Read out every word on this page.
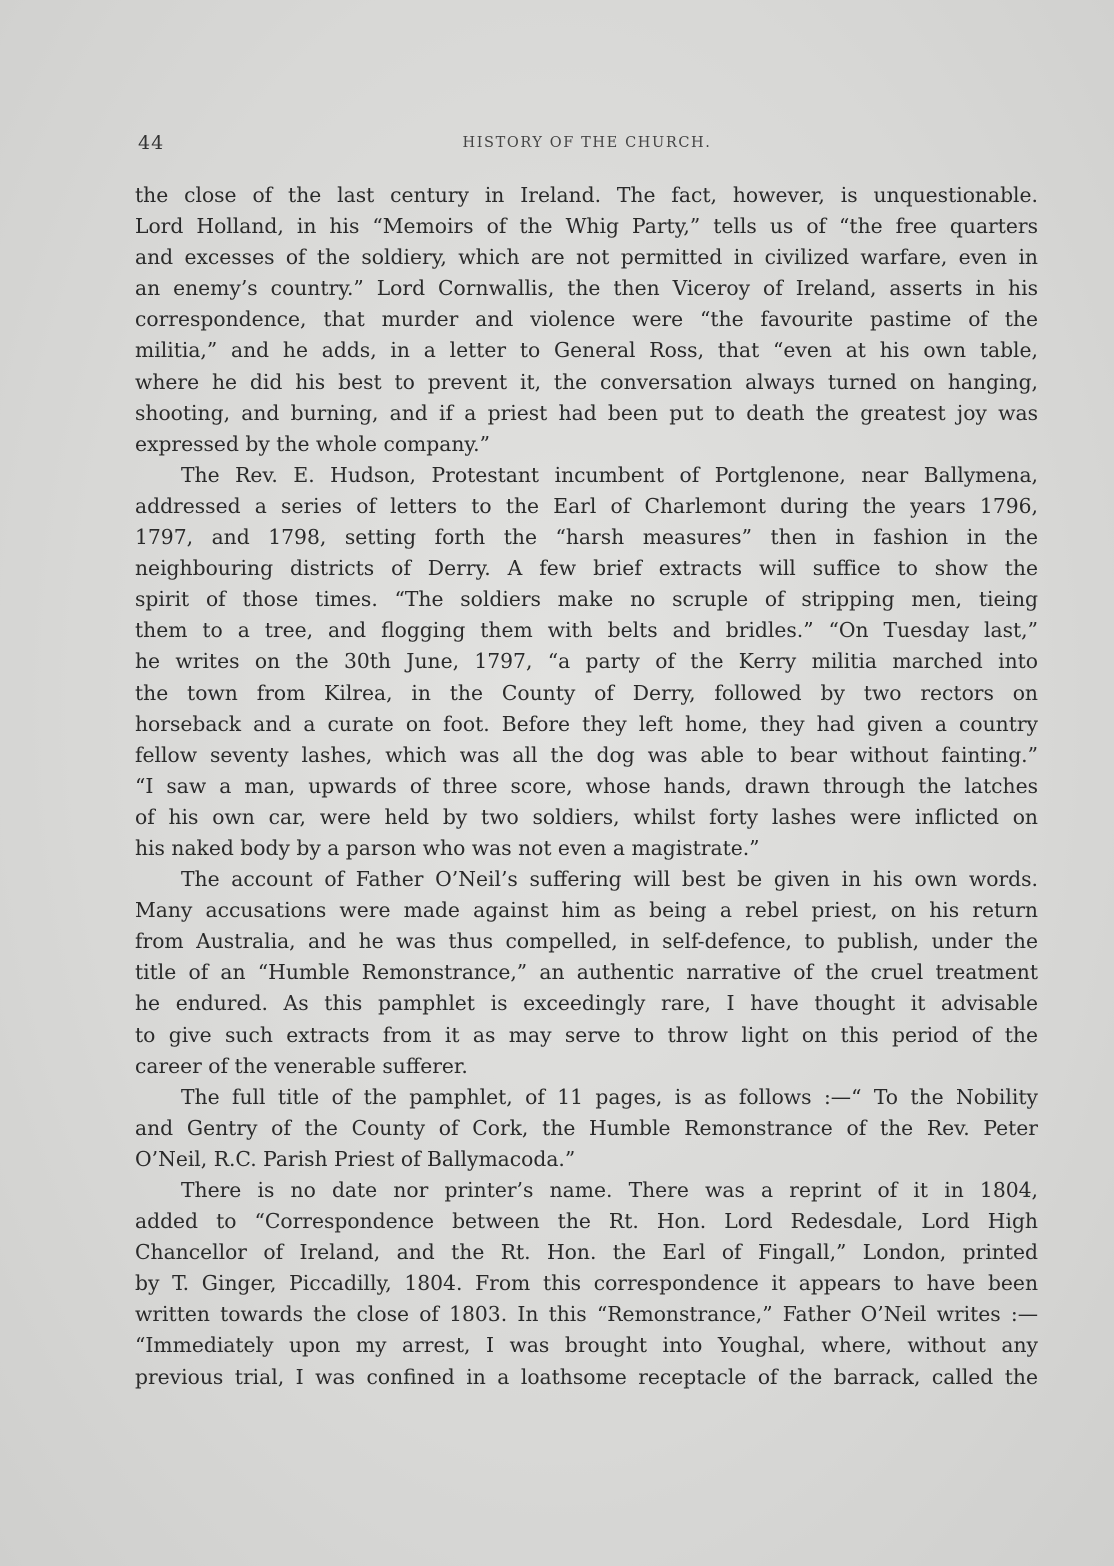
44	HISTORY OF THE CHURCH.
the close of the last century in Ireland. The fact, however, is unquestionable.
Lord Holland, in his “Memoirs of the Whig Party,” tells us of “the free quarters
and excesses of the soldiery, which are not permitted in civilized warfare, even in
an enemy’s country.” Lord Cornwallis, the then Viceroy of Ireland, asserts in his
correspondence, that murder and violence were “the favourite pastime of the
militia,” and he adds, in a letter to General Ross, that “even at his own table,
where he did his best to prevent it, the conversation always turned on hanging,
shooting, and burning, and if a priest had been put to death the greatest joy was
expressed by the whole company.”
The Rev. E. Hudson, Protestant incumbent of Portglenone, near Ballymena,
addressed a series of letters to the Earl of Charlemont during the years 1796,
1797, and 1798, setting forth the “harsh measures” then in fashion in the
neighbouring districts of Derry. A few brief extracts will suffice to show the
spirit of those times. “The soldiers make no scruple of stripping men, tieing
them to a tree, and flogging them with belts and bridles.” “On Tuesday last,”
he writes on the 30th June, 1797, “a party of the Kerry militia marched into
the town from Kilrea, in the County of Derry, followed by two rectors on
horseback and a curate on foot. Before they left home, they had given a country
fellow seventy lashes, which was all the dog was able to bear without fainting.”
“I saw a man, upwards of three score, whose hands, drawn through the latches
of his own car, were held by two soldiers, whilst forty lashes were inflicted on
his naked body by a parson who was not even a magistrate.”
The account of Father O’Neil’s suffering will best be given in his own words.
Many accusations were made against him as being a rebel priest, on his return
from Australia, and he was thus compelled, in self-defence, to publish, under the
title of an “Humble Remonstrance,” an authentic narrative of the cruel treatment
he endured. As this pamphlet is exceedingly rare, I have thought it advisable
to give such extracts from it as may serve to throw light on this period of the
career of the venerable sufferer.
The full title of the pamphlet, of 11 pages, is as follows :—“ To the Nobility
and Gentry of the County of Cork, the Humble Remonstrance of the Rev. Peter
O’Neil, R.C. Parish Priest of Ballymacoda.”
There is no date nor printer’s name. There was a reprint of it in 1804,
added to “Correspondence between the Rt. Hon. Lord Redesdale, Lord High
Chancellor of Ireland, and the Rt. Hon. the Earl of Fingall,” London, printed
by T. Ginger, Piccadilly, 1804. From this correspondence it appears to have been
written towards the close of 1803. In this “Remonstrance,” Father O’Neil writes :—
“Immediately upon my arrest, I was brought into Youghal, where, without any
previous trial, I was confined in a loathsome receptacle of the barrack, called the
